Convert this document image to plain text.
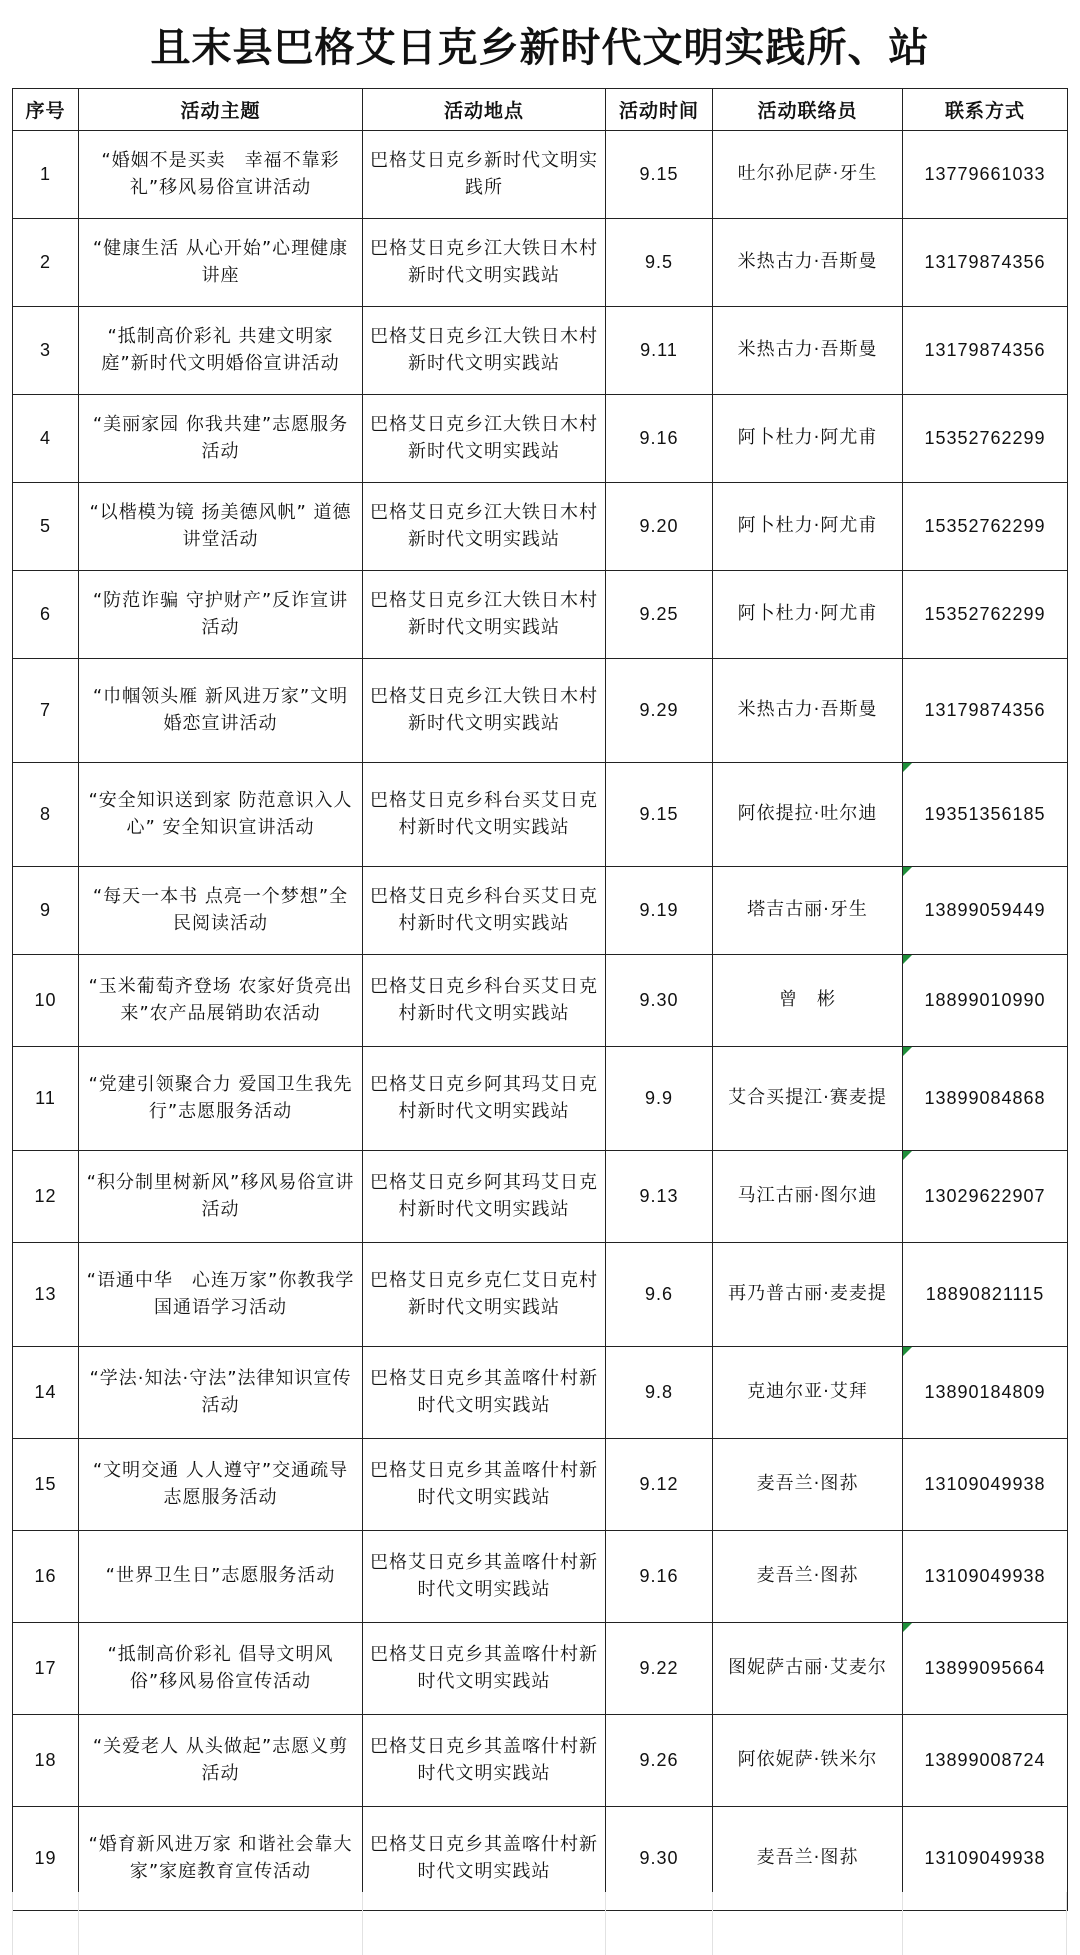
且末县巴格艾日克乡新时代文明实践所、站
序号	活动主题	活动地点	活动时间	活动联络员	联系方式
1	“婚姻不是买卖　幸福不靠彩礼”移风易俗宣讲活动	巴格艾日克乡新时代文明实践所	9.15	吐尔孙尼萨·牙生	13779661033
2	“健康生活 从心开始”心理健康讲座	巴格艾日克乡江大铁日木村新时代文明实践站	9.5	米热古力·吾斯曼	13179874356
3	“抵制高价彩礼 共建文明家庭”新时代文明婚俗宣讲活动	巴格艾日克乡江大铁日木村新时代文明实践站	9.11	米热古力·吾斯曼	13179874356
4	“美丽家园 你我共建”志愿服务活动	巴格艾日克乡江大铁日木村新时代文明实践站	9.16	阿卜杜力·阿尤甫	15352762299
5	“以楷模为镜 扬美德风帆” 道德讲堂活动	巴格艾日克乡江大铁日木村新时代文明实践站	9.20	阿卜杜力·阿尤甫	15352762299
6	“防范诈骗 守护财产”反诈宣讲活动	巴格艾日克乡江大铁日木村新时代文明实践站	9.25	阿卜杜力·阿尤甫	15352762299
7	“巾帼领头雁 新风进万家”文明婚恋宣讲活动	巴格艾日克乡江大铁日木村新时代文明实践站	9.29	米热古力·吾斯曼	13179874356
8	“安全知识送到家 防范意识入人心” 安全知识宣讲活动	巴格艾日克乡科台买艾日克村新时代文明实践站	9.15	阿依提拉·吐尔迪	19351356185
9	“每天一本书 点亮一个梦想”全民阅读活动	巴格艾日克乡科台买艾日克村新时代文明实践站	9.19	塔吉古丽·牙生	13899059449
10	“玉米葡萄齐登场 农家好货亮出来”农产品展销助农活动	巴格艾日克乡科台买艾日克村新时代文明实践站	9.30	曾　彬	18899010990
11	“党建引领聚合力 爱国卫生我先行”志愿服务活动	巴格艾日克乡阿其玛艾日克村新时代文明实践站	9.9	艾合买提江·赛麦提	13899084868
12	“积分制里树新风”移风易俗宣讲活动	巴格艾日克乡阿其玛艾日克村新时代文明实践站	9.13	马江古丽·图尔迪	13029622907
13	“语通中华　心连万家”你教我学国通语学习活动	巴格艾日克乡克仁艾日克村新时代文明实践站	9.6	再乃普古丽·麦麦提	18890821115
14	“学法·知法·守法”法律知识宣传活动	巴格艾日克乡其盖喀什村新时代文明实践站	9.8	克迪尔亚·艾拜	13890184809
15	“文明交通 人人遵守”交通疏导志愿服务活动	巴格艾日克乡其盖喀什村新时代文明实践站	9.12	麦吾兰·图荪	13109049938
16	“世界卫生日”志愿服务活动	巴格艾日克乡其盖喀什村新时代文明实践站	9.16	麦吾兰·图荪	13109049938
17	“抵制高价彩礼 倡导文明风俗”移风易俗宣传活动	巴格艾日克乡其盖喀什村新时代文明实践站	9.22	图妮萨古丽·艾麦尔	13899095664
18	“关爱老人 从头做起”志愿义剪活动	巴格艾日克乡其盖喀什村新时代文明实践站	9.26	阿依妮萨·铁米尔	13899008724
19	“婚育新风进万家 和谐社会靠大家”家庭教育宣传活动	巴格艾日克乡其盖喀什村新时代文明实践站	9.30	麦吾兰·图荪	13109049938
